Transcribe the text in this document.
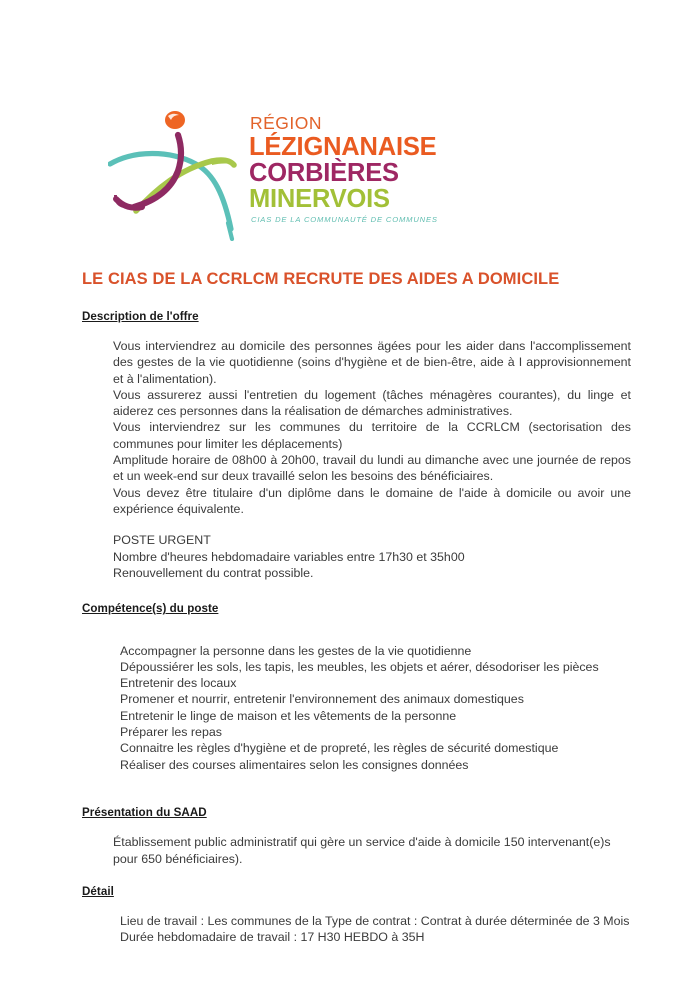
RÉGION
LÉZIGNANAISE
CORBIÈRES
MINERVOIS
CIAS DE LA COMMUNAUTÉ DE COMMUNES
LE CIAS DE LA CCRLCM RECRUTE DES AIDES A DOMICILE
Description de l'offre

Vous interviendrez au domicile des personnes ägées pour les aider dans l'accomplissement des gestes de la vie quotidienne (soins d'hygiène et de bien-être, aide à I approvisionnement et à l'alimentation).

Vous assurerez aussi l'entretien du logement (tâches ménagères courantes), du linge et aiderez ces personnes dans la réalisation de démarches administratives.

Vous interviendrez sur les communes du territoire de la CCRLCM (sectorisation des communes pour limiter les déplacements)

Amplitude horaire de 08h00 à 20h00, travail du lundi au dimanche avec une journée de repos et un week-end sur deux travaillé selon les besoins des bénéficiaires.

Vous devez être titulaire d'un diplôme dans le domaine de l'aide à domicile ou avoir une expérience équivalente.

POSTE URGENT

Nombre d'heures hebdomadaire variables entre 17h30 et 35h00

Renouvellement du contrat possible.

Compétence(s) du poste
Accompagner la personne dans les gestes de la vie quotidienne
Dépoussiérer les sols, les tapis, les meubles, les objets et aérer, désodoriser les pièces
Entretenir des locaux
Promener et nourrir, entretenir l'environnement des animaux domestiques
Entretenir le linge de maison et les vêtements de la personne
Préparer les repas
Connaitre les règles d'hygiène et de propreté, les règles de sécurité domestique
Réaliser des courses alimentaires selon les consignes données
Présentation du SAAD

Établissement public administratif qui gère un service d'aide à domicile 150 intervenant(e)s pour 650 bénéficiaires).

Détail

Lieu de travail : Les communes de la Type de contrat : Contrat à durée déterminée de 3 Mois

Durée hebdomadaire de travail : 17 H30 HEBDO à 35H
